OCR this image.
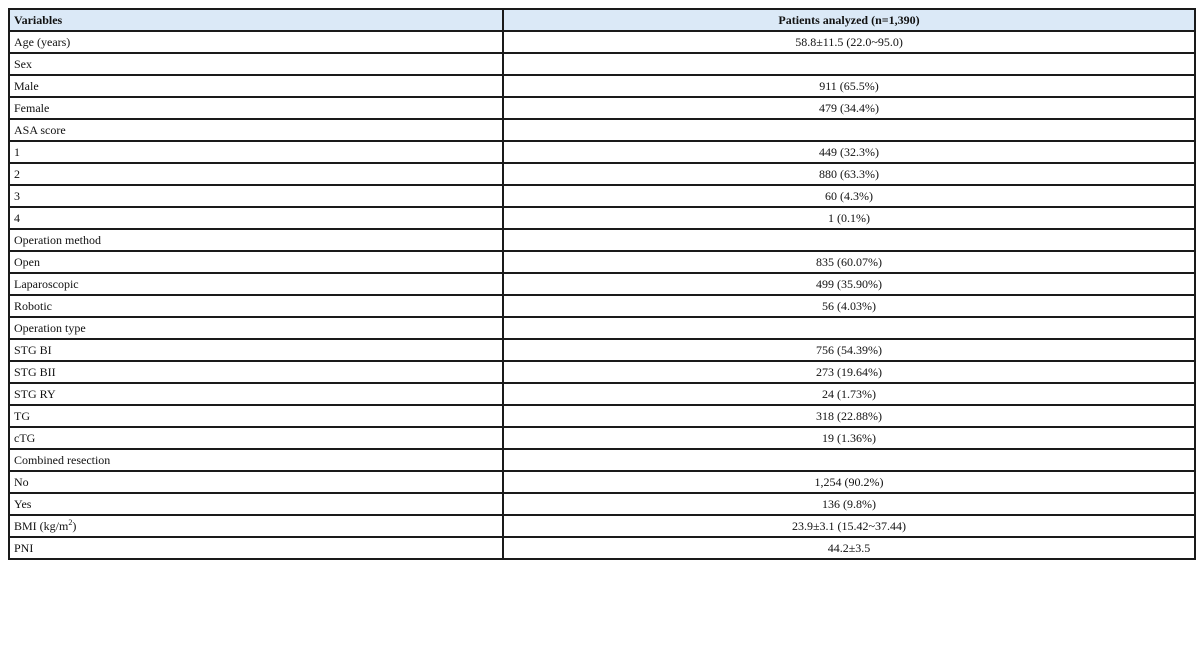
Variables	Patients analyzed (n=1,390)
Age (years)	58.8±11.5 (22.0~95.0)
Sex	
Male	911 (65.5%)
Female	479 (34.4%)
ASA score	
1	449 (32.3%)
2	880 (63.3%)
3	60 (4.3%)
4	1 (0.1%)
Operation method	
Open	835 (60.07%)
Laparoscopic	499 (35.90%)
Robotic	56 (4.03%)
Operation type	
STG BI	756 (54.39%)
STG BII	273 (19.64%)
STG RY	24 (1.73%)
TG	318 (22.88%)
cTG	19 (1.36%)
Combined resection	
No	1,254 (90.2%)
Yes	136 (9.8%)
BMI $(kg/m^2)$	23.9±3.1 (15.42~37.44)
PNI	44.2±3.5
